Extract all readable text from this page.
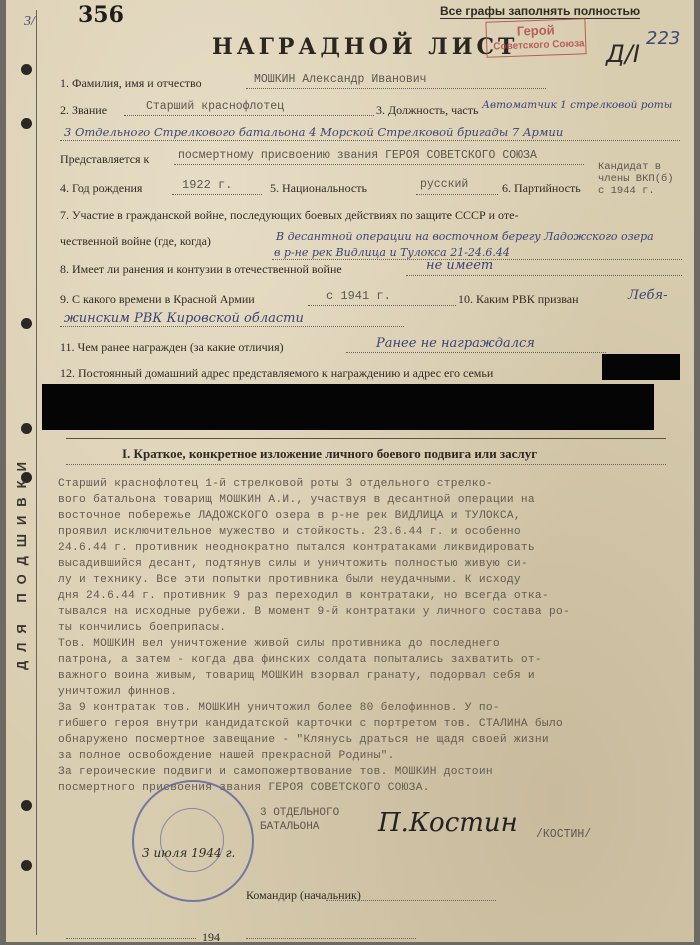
ДЛЯ ПОДШИВКИ
3/ 356	Все графы заполнять полностью
НАГРАДНОЙ ЛИСТ
Герой
Советского Союза	223
Д/I
1. Фамилия, имя и отчество	МОШКИН Александр Иванович
2. Звание	Старший краснофлотец	3. Должность, часть Автоматчик 1 стрелковой роты
3 Отдельного Стрелкового батальона 4 Морской Стрелковой бригады 7 Армии
Представляется к посмертному присвоению звания ГЕРОЯ СОВЕТСКОГО СОЮЗА
Кандидат в
члены ВКП(б)
с 1944 г.
4. Год рождения	1922 г.	5. Национальность	русский	6. Партийность
7. Участие в гражданской войне, последующих боевых действиях по защите СССР и оте-
чественной войне (где, когда)	В десантной операции на восточном берегу Ладожского озера
в р-не рек Видлица и Тулокса 21-24.6.44
8. Имеет ли ранения и контузии в отечественной войне	не имеет
9. С какого времени в Красной Армии	с 1941 г.	10. Каким РВК призван	Лебя-
жинским РВК Кировской области
11. Чем ранее награжден (за какие отличия)	Ранее не награждался
12. Постоянный домашний адрес представляемого к награждению и адрес его семьи
I. Краткое, конкретное изложение личного боевого подвига или заслуг
Старший краснофлотец 1-й стрелковой роты 3 отдельного стрелко-
вого батальона товарищ МОШКИН А.И., участвуя в десантной операции на
восточное побережье ЛАДОЖСКОГО озера в р-не рек ВИДЛИЦА и ТУЛОКСА,
проявил исключительное мужество и стойкость. 23.6.44 г. и особенно
24.6.44 г. противник неоднократно пытался контратаками ликвидировать
высадившийся десант, подтянув силы и уничтожить полностью живую си-
лу и технику. Все эти попытки противника были неудачными. К исходу
дня 24.6.44 г. противник 9 раз переходил в контратаки, но всегда отка-
тывался на исходные рубежи. В момент 9-й контратаки у личного состава ро-
ты кончились боеприпасы.
Тов. МОШКИН вел уничтожение живой силы противника до последнего
патрона, а затем - когда два финских солдата попытались захватить от-
важного воина живым, товарищ МОШКИН взорвал гранату, подорвал себя и
уничтожил финнов.
За 9 контратак тов. МОШКИН уничтожил более 80 белофиннов. У по-
гибшего героя внутри кандидатской карточки с портретом тов. СТАЛИНА было
обнаружено посмертное завещание - "Клянусь драться не щадя своей жизни
за полное освобождение нашей прекрасной Родины".
За героические подвиги и самопожертвование тов. МОШКИН достоин
посмертного присвоения звания ГЕРОЯ СОВЕТСКОГО СОЮЗА.
3 ОТДЕЛЬНОГО
БАТАЛЬОНА	П.Костин /КОСТИН/
3 июля 1944 г.
Командир (начальник)
194
